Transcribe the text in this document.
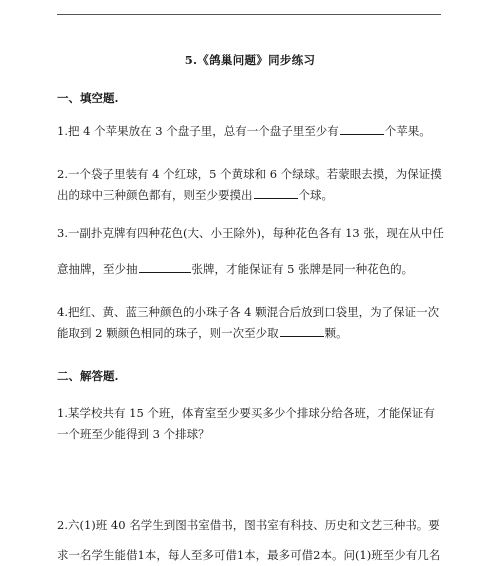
5.《鸽巢问题》同步练习
一、填空题.
1.把 4 个苹果放在 3 个盘子里，总有一个盘子里至少有	个苹果。
2.一个袋子里装有 4 个红球，5 个黄球和 6 个绿球。若蒙眼去摸，为保证摸
出的球中三种颜色都有，则至少要摸出	个球。
3.一副扑克牌有四种花色(大、小王除外)，每种花色各有 13 张，现在从中任
意抽牌，至少抽	张牌，才能保证有 5 张牌是同一种花色的。
4.把红、黄、蓝三种颜色的小珠子各 4 颗混合后放到口袋里，为了保证一次
能取到 2 颗颜色相同的珠子，则一次至少取	颗。
二、解答题.
1.某学校共有 15 个班，体育室至少要买多少个排球分给各班，才能保证有
一个班至少能得到 3 个排球？
2.六(1)班 40 名学生到图书室借书，图书室有科技、历史和文艺三种书。要
求一名学生能借1本，每人至多可借1本，最多可借2本。问(1)班至少有几名
